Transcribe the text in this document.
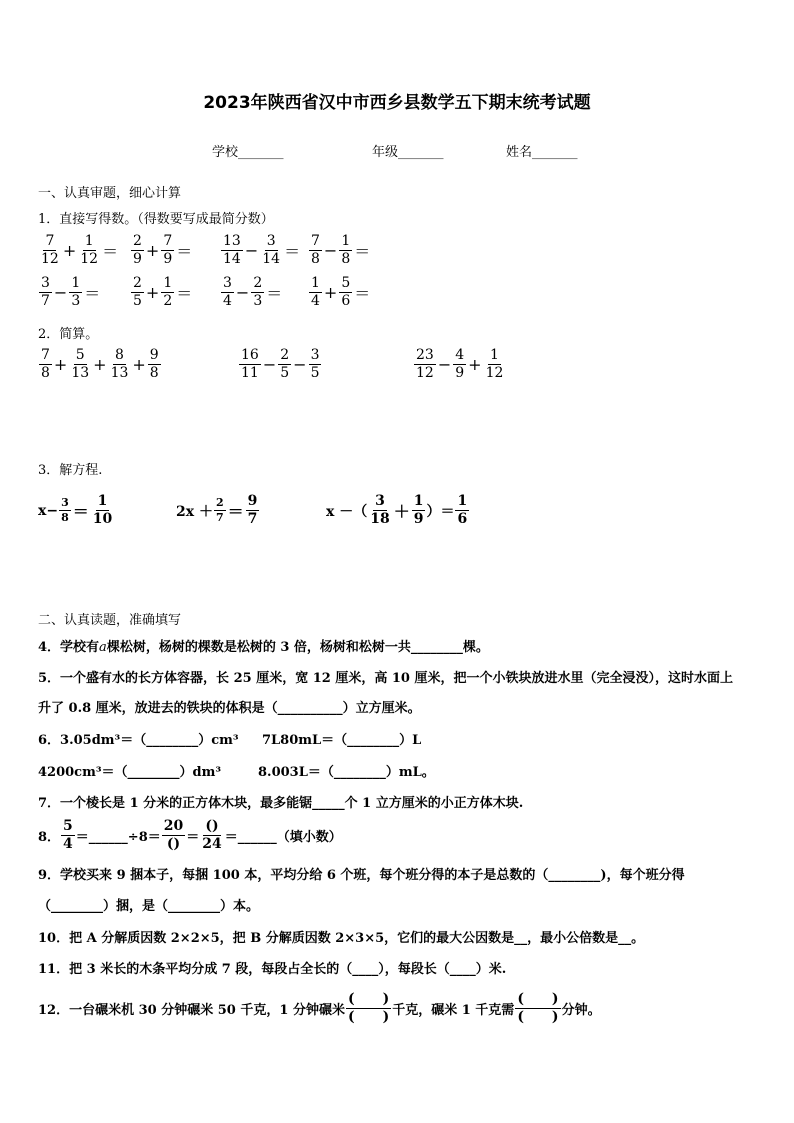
2023年陕西省汉中市西乡县数学五下期末统考试题
学校_______	年级_______	姓名_______
一、认真审题，细心计算
1．直接写得数。（得数要写成最简分数）
$\frac{7}{12} + \frac{1}{12} = \frac{2}{9} + \frac{7}{9} = \frac{13}{14} - \frac{3}{14} = \frac{7}{8} - \frac{1}{8}$ ＝
$\frac{3}{7} - \frac{1}{3} = \frac{2}{5} + \frac{1}{2} = \frac{3}{4} - \frac{2}{3} = \frac{1}{4} + \frac{5}{6}$ ＝
2．简算。
$\frac{7}{8} + \frac{5}{13} + \frac{8}{13} + \frac{9}{8}$	$\frac{16}{11} - \frac{2}{5} - \frac{3}{5}$	$\frac{23}{12} - \frac{4}{9} + \frac{1}{12}$
3．解方程.
$x- \frac{3}{8} = \frac{1}{10}$	$2x + \frac{2}{7} = \frac{9}{7}$	x －（ $\frac{3}{18} + \frac{1}{9}$ ）＝ $\frac{1}{6}$
二、认真读题，准确填写
4．学校有a棵松树，杨树的棵数是松树的 3 倍，杨树和松树一共________棵。
5．一个盛有水的长方体容器，长 25 厘米，宽 12 厘米，高 10 厘米，把一个小铁块放进水里（完全浸没），这时水面上
升了 0.8 厘米，放进去的铁块的体积是（__________）立方厘米。
6．3.05dm³＝（________）cm³ 7L80mL＝（________）L
4200cm³＝（________）dm³	8.003L＝（________）mL。
7．一个棱长是 1 分米的正方体木块，最多能锯_____个 1 立方厘米的小正方体木块.
8． $\frac{5}{4}$ ＝______÷8＝ $\frac{20}{()} = \frac{()}{24}$ ＝______（填小数）
9．学校买来 9 捆本子，每捆 100 本，平均分给 6 个班，每个班分得的本子是总数的（________)，每个班分得
（________）捆，是（________）本。
10．把 A 分解质因数 2×2×5，把 B 分解质因数 2×3×5，它们的最大公因数是__，最小公倍数是__。
11．把 3 米长的木条平均分成 7 段，每段占全长的（____），每段长（____）米.
12．一台碾米机 30 分钟碾米 50 千克，1 分钟碾米 $\frac{( )}{( )}$ 千克，碾米 1 千克需 $\frac{( )}{( )}$ 分钟。
